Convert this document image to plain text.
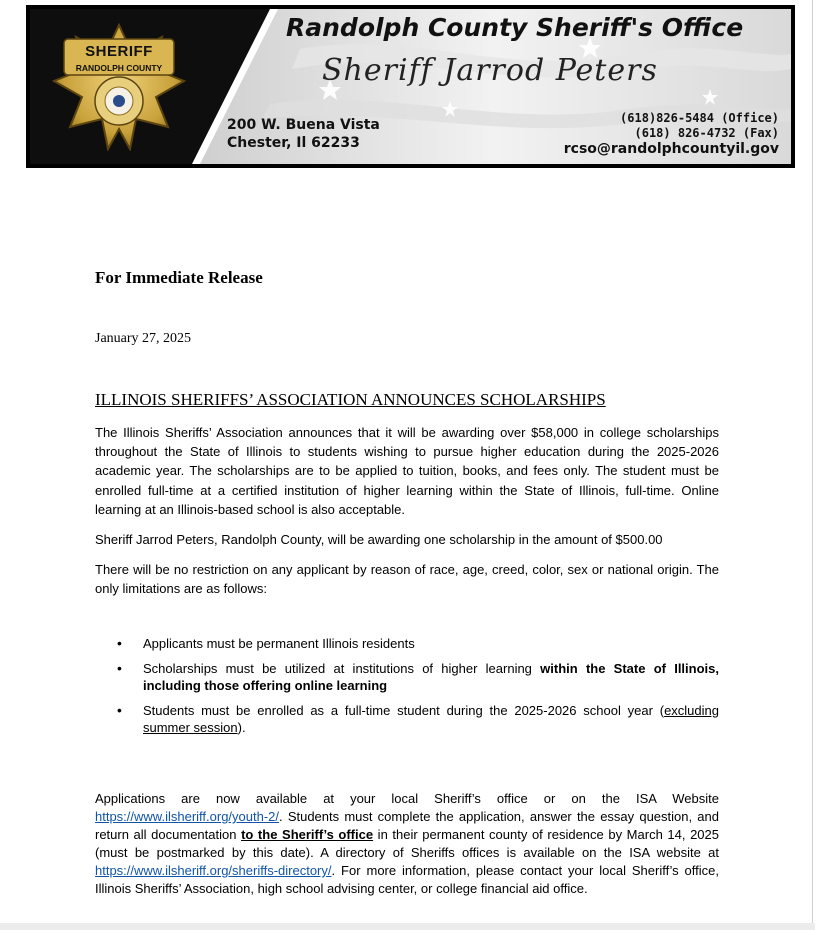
SHERIFF
RANDOLPH COUNTY
Randolph County Sheriff's Office
Sheriff Jarrod Peters
200 W. Buena Vista
Chester, Il 62233
(618)826-5484 (Office)
(618) 826-4732 (Fax)
rcso@randolphcountyil.gov
For Immediate Release
January 27, 2025
ILLINOIS SHERIFFS’ ASSOCIATION ANNOUNCES SCHOLARSHIPS

The Illinois Sheriffs’ Association announces that it will be awarding over $58,000 in college scholarships throughout the State of Illinois to students wishing to pursue higher education during the 2025-2026 academic year. The scholarships are to be applied to tuition, books, and fees only. The student must be enrolled full-time at a certified institution of higher learning within the State of Illinois, full-time. Online learning at an Illinois-based school is also acceptable.

Sheriff Jarrod Peters, Randolph County, will be awarding one scholarship in the amount of $500.00

There will be no restriction on any applicant by reason of race, age, creed, color, sex or national origin. The only limitations are as follows:

• Applicants must be permanent Illinois residents
• Scholarships must be utilized at institutions of higher learning within the State of Illinois, including those offering online learning
• Students must be enrolled as a full-time student during the 2025-2026 school year (excluding summer session).

Applications are now available at your local Sheriff’s office or on the ISA Website https://www.ilsheriff.org/youth-2/. Students must complete the application, answer the essay question, and return all documentation to the Sheriff’s office in their permanent county of residence by March 14, 2025 (must be postmarked by this date). A directory of Sheriffs offices is available on the ISA website at https://www.ilsheriff.org/sheriffs-directory/. For more information, please contact your local Sheriff’s office, Illinois Sheriffs’ Association, high school advising center, or college financial aid office.
